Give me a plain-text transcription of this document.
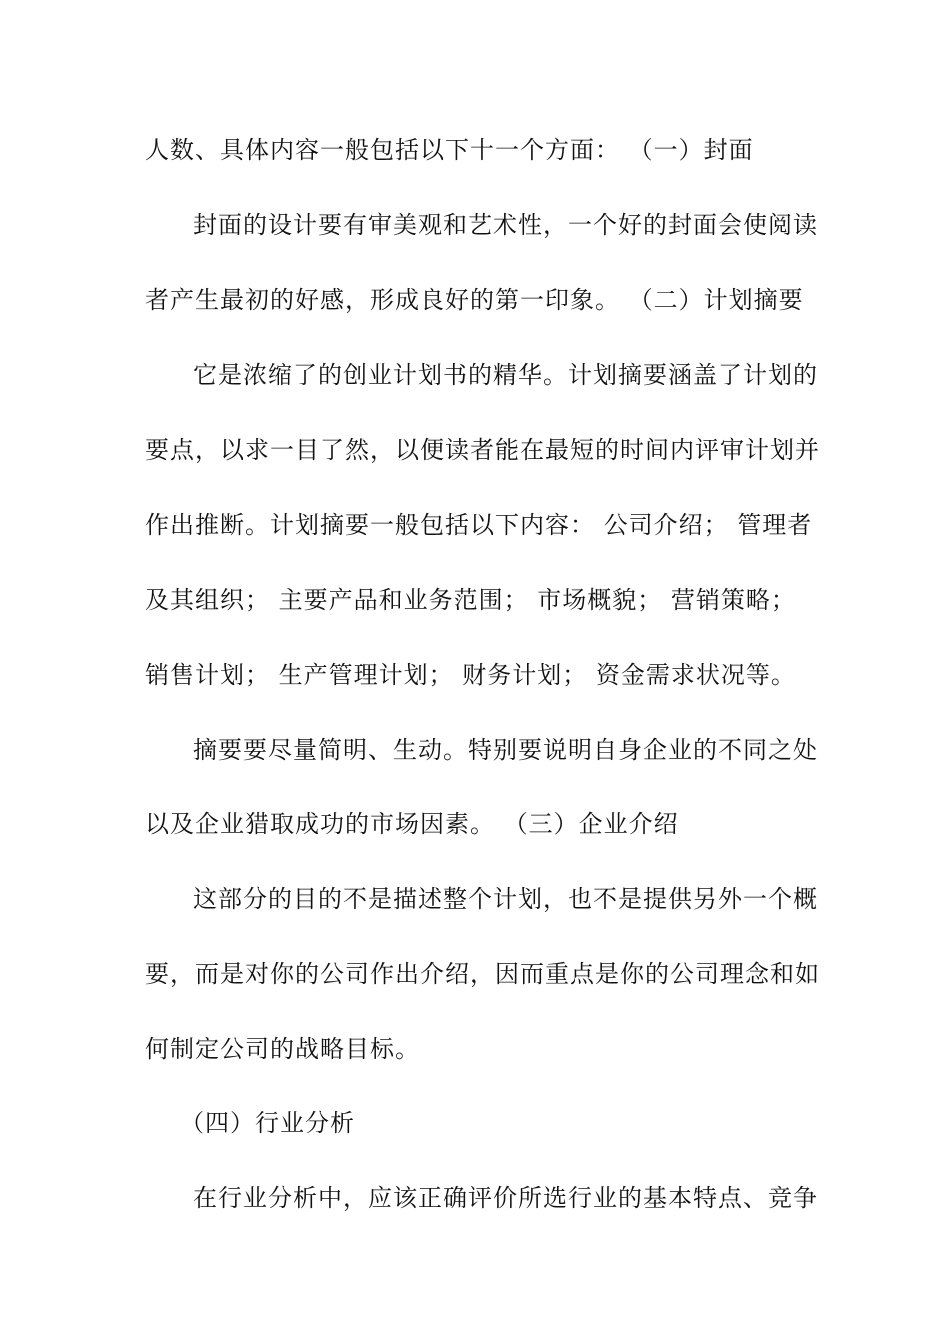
人数、具体内容一般包括以下十一个方面： （一）封面
封面的设计要有审美观和艺术性，一个好的封面会使阅读
者产生最初的好感，形成良好的第一印象。 （二）计划摘要
它是浓缩了的创业计划书的精华。计划摘要涵盖了计划的
要点，以求一目了然，以便读者能在最短的时间内评审计划并
作出推断。计划摘要一般包括以下内容： 公司介绍； 管理者
及其组织； 主要产品和业务范围； 市场概貌； 营销策略；
销售计划； 生产管理计划； 财务计划； 资金需求状况等。
摘要要尽量简明、生动。特别要说明自身企业的不同之处
以及企业猎取成功的市场因素。 （三）企业介绍
这部分的目的不是描述整个计划，也不是提供另外一个概
要，而是对你的公司作出介绍，因而重点是你的公司理念和如
何制定公司的战略目标。
（四）行业分析
在行业分析中，应该正确评价所选行业的基本特点、竞争
